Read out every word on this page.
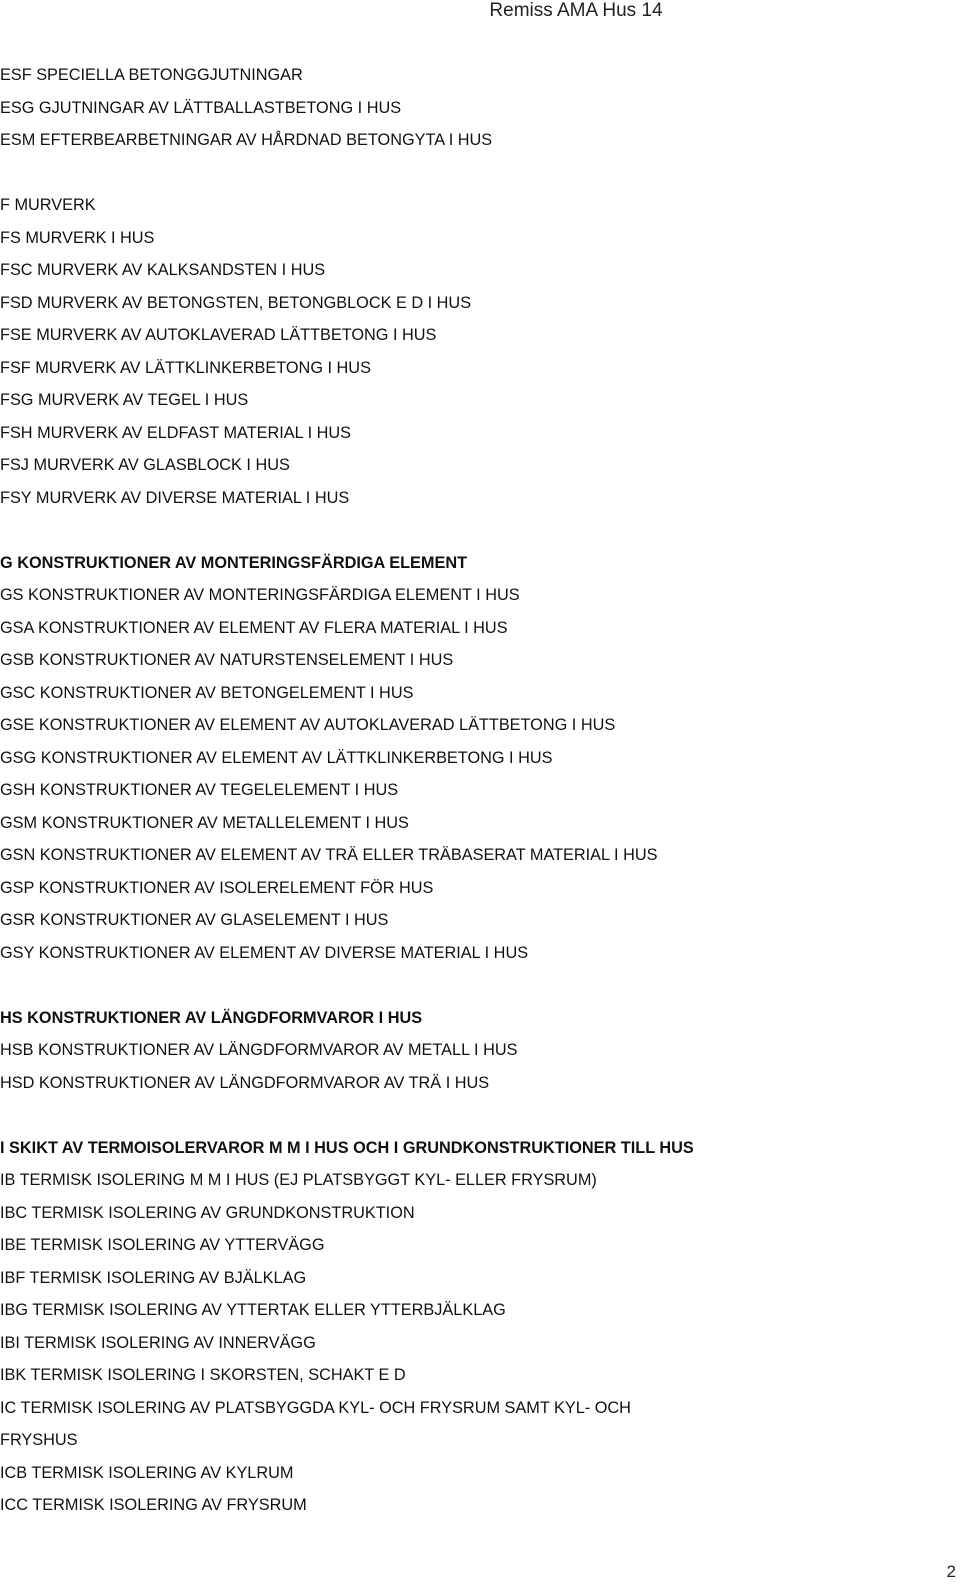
Remiss AMA Hus 14
ESF SPECIELLA BETONGGJUTNINGAR
ESG GJUTNINGAR AV LÄTTBALLASTBETONG I HUS
ESM EFTERBEARBETNINGAR AV HÅRDNAD BETONGYTA I HUS
F MURVERK
FS MURVERK I HUS
FSC MURVERK AV KALKSANDSTEN I HUS
FSD MURVERK AV BETONGSTEN, BETONGBLOCK E D I HUS
FSE MURVERK AV AUTOKLAVERAD LÄTTBETONG I HUS
FSF MURVERK AV LÄTTKLINKERBETONG I HUS
FSG MURVERK AV TEGEL I HUS
FSH MURVERK AV ELDFAST MATERIAL I HUS
FSJ MURVERK AV GLASBLOCK I HUS
FSY MURVERK AV DIVERSE MATERIAL I HUS
G KONSTRUKTIONER AV MONTERINGSFÄRDIGA ELEMENT
GS KONSTRUKTIONER AV MONTERINGSFÄRDIGA ELEMENT I HUS
GSA KONSTRUKTIONER AV ELEMENT AV FLERA MATERIAL I HUS
GSB KONSTRUKTIONER AV NATURSTENSELEMENT I HUS
GSC KONSTRUKTIONER AV BETONGELEMENT I HUS
GSE KONSTRUKTIONER AV ELEMENT AV AUTOKLAVERAD LÄTTBETONG I HUS
GSG KONSTRUKTIONER AV ELEMENT AV LÄTTKLINKERBETONG I HUS
GSH KONSTRUKTIONER AV TEGELELEMENT I HUS
GSM KONSTRUKTIONER AV METALLELEMENT I HUS
GSN KONSTRUKTIONER AV ELEMENT AV TRÄ ELLER TRÄBASERAT MATERIAL I HUS
GSP KONSTRUKTIONER AV ISOLERELEMENT FÖR HUS
GSR KONSTRUKTIONER AV GLASELEMENT I HUS
GSY KONSTRUKTIONER AV ELEMENT AV DIVERSE MATERIAL I HUS
HS KONSTRUKTIONER AV LÄNGDFORMVAROR I HUS
HSB KONSTRUKTIONER AV LÄNGDFORMVAROR AV METALL I HUS
HSD KONSTRUKTIONER AV LÄNGDFORMVAROR AV TRÄ I HUS
I SKIKT AV TERMOISOLERVAROR M M I HUS OCH I GRUNDKONSTRUKTIONER TILL HUS
IB TERMISK ISOLERING M M I HUS (EJ PLATSBYGGT KYL- ELLER FRYSRUM)
IBC TERMISK ISOLERING AV GRUNDKONSTRUKTION
IBE TERMISK ISOLERING AV YTTERVÄGG
IBF TERMISK ISOLERING AV BJÄLKLAG
IBG TERMISK ISOLERING AV YTTERTAK ELLER YTTERBJÄLKLAG
IBI TERMISK ISOLERING AV INNERVÄGG
IBK TERMISK ISOLERING I SKORSTEN, SCHAKT E D
IC TERMISK ISOLERING AV PLATSBYGGDA KYL- OCH FRYSRUM SAMT KYL- OCH
FRYSHUS
ICB TERMISK ISOLERING AV KYLRUM
ICC TERMISK ISOLERING AV FRYSRUM
2
